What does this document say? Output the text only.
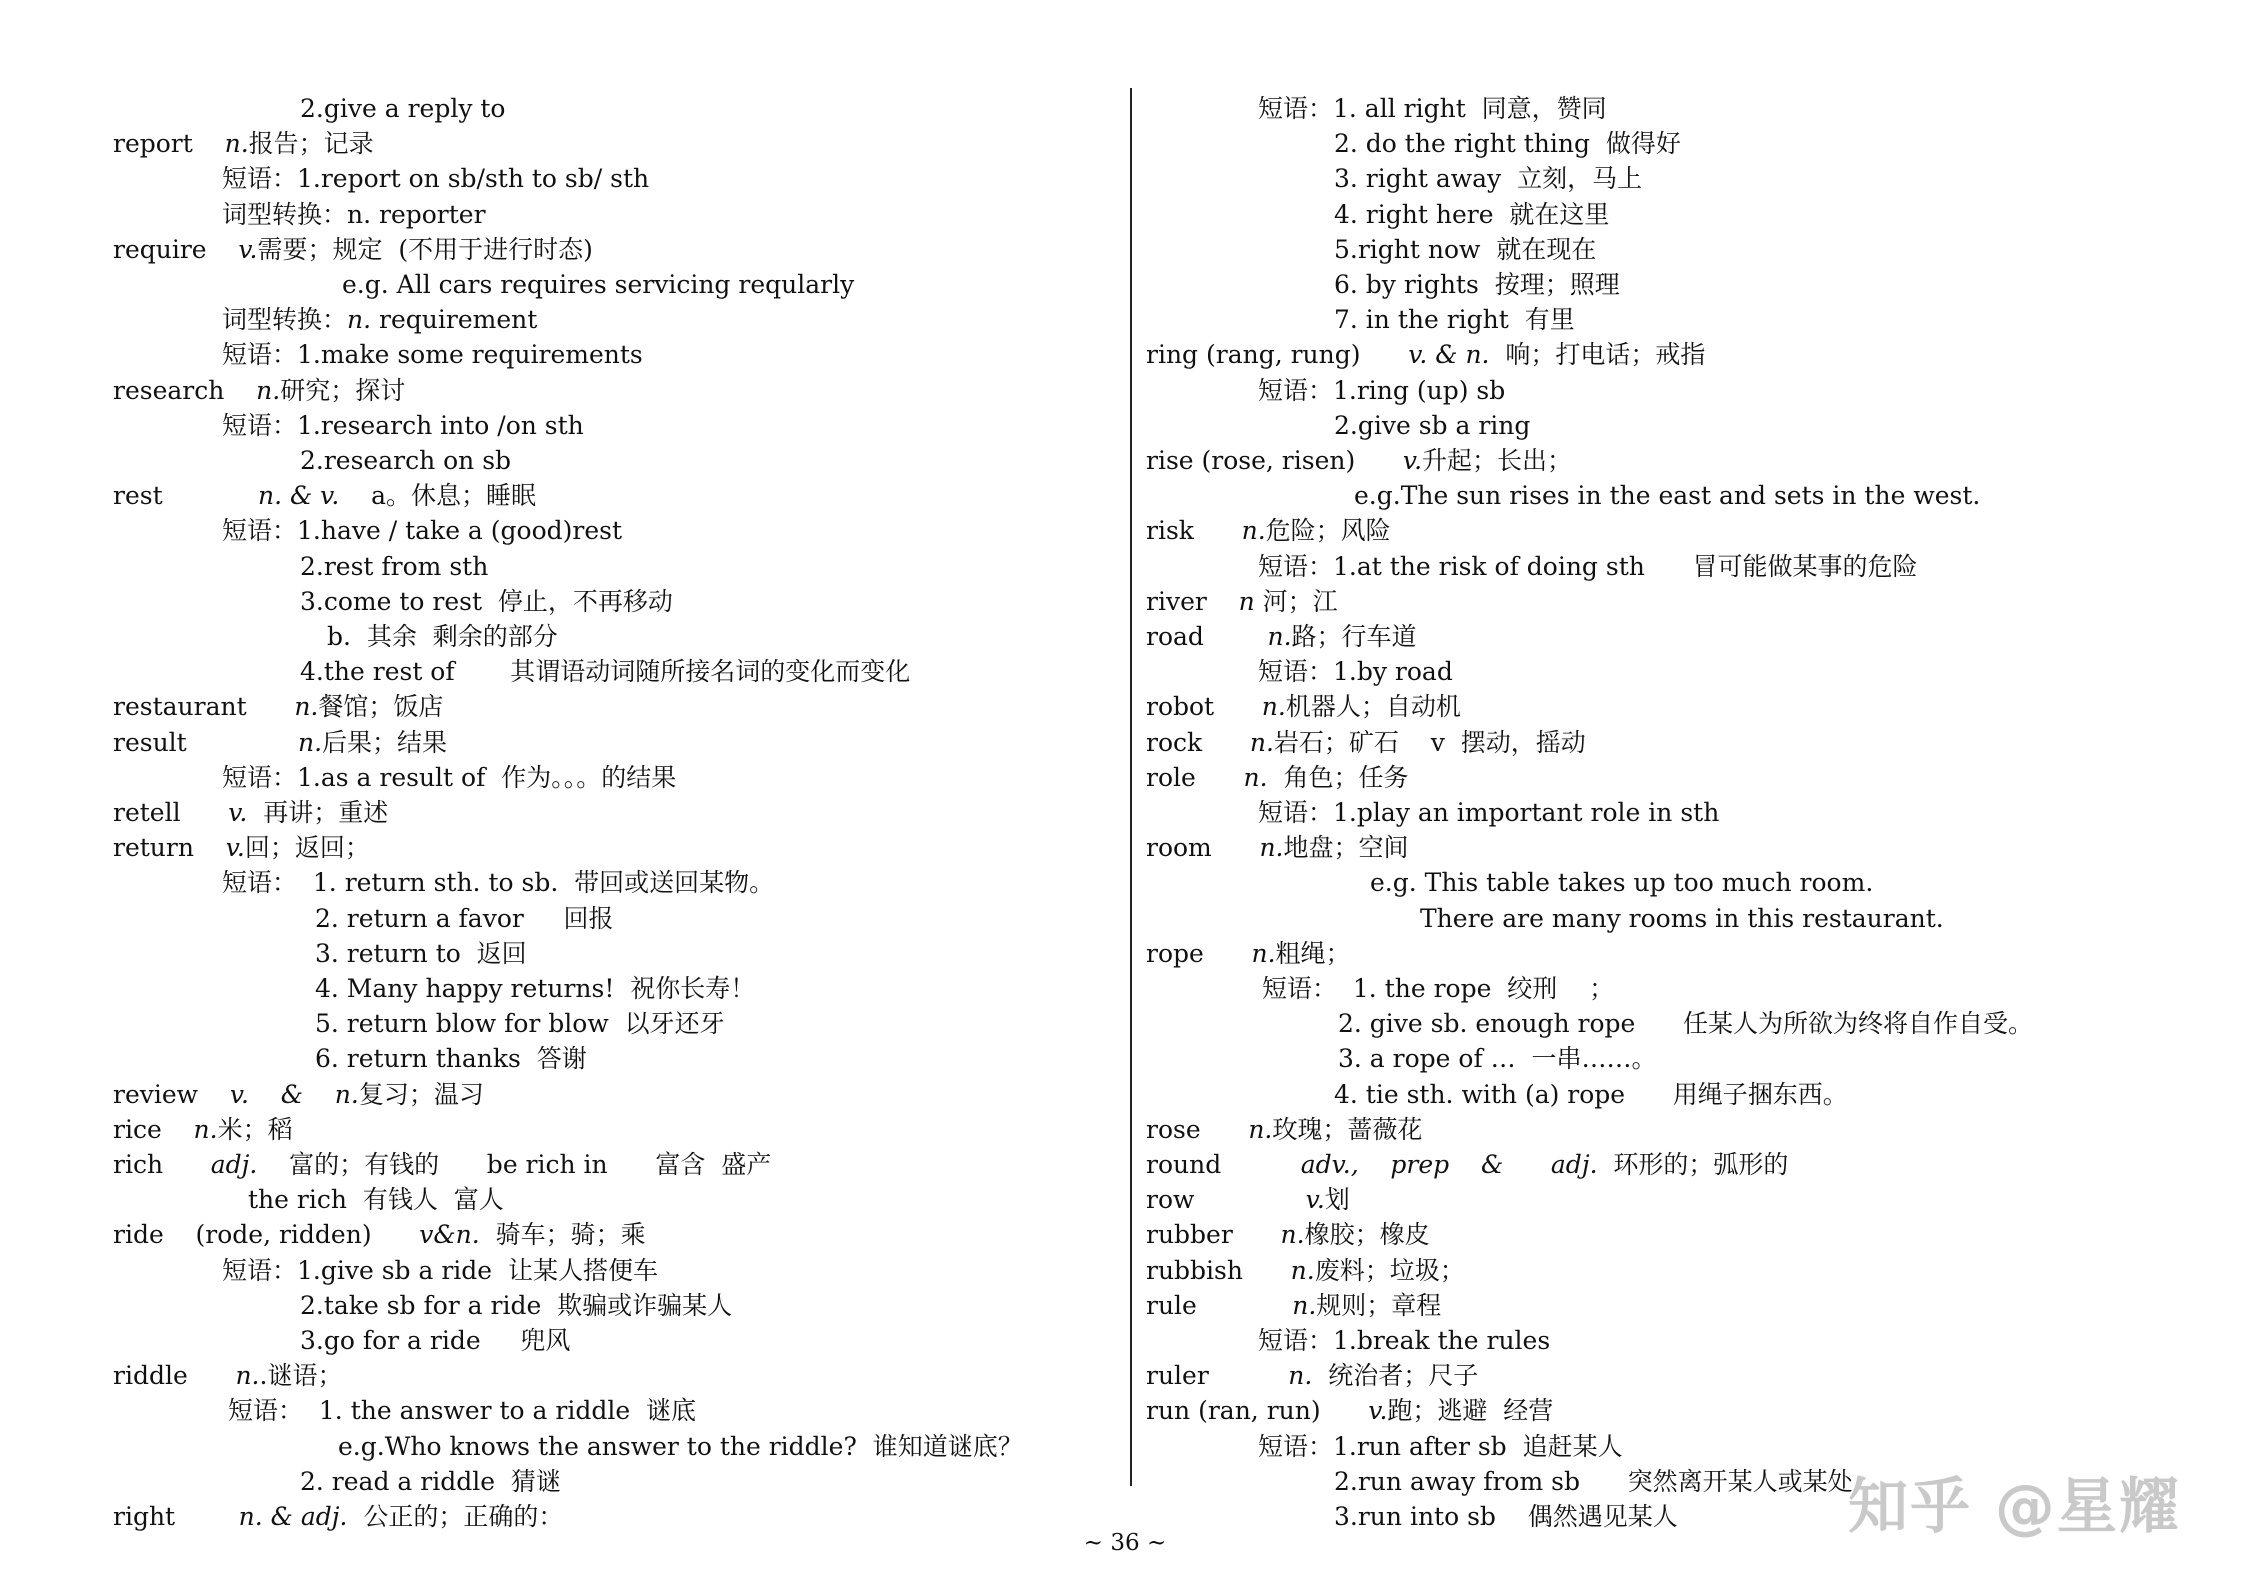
2.give a reply to
report    n.报告；记录
短语：1.report on sb/sth to sb/ sth
词型转换：n. reporter
require    v.需要；规定  (不用于进行时态)
e.g. All cars requires servicing reqularly
词型转换：n. requirement
短语：1.make some requirements
research    n.研究；探讨
短语：1.research into /on sth
2.research on sb
rest            n. & v.    a。休息；睡眠
短语：1.have / take a (good)rest
2.rest from sth
3.come to rest  停止，不再移动
b.  其余  剩余的部分
4.the rest of       其谓语动词随所接名词的变化而变化
restaurant      n.餐馆；饭店
result              n.后果；结果
短语：1.as a result of  作为。。。的结果
retell      v.  再讲；重述
return    v.回；返回；
短语：  1. return sth. to sb.  带回或送回某物。
2. return a favor     回报
3. return to  返回
4. Many happy returns!  祝你长寿！
5. return blow for blow  以牙还牙
6. return thanks  答谢
review    v.    &    n.复习；温习
rice    n.米；稻
rich      adj.    富的；有钱的      be rich in      富含  盛产
the rich  有钱人  富人
ride    (rode, ridden)      v&n.  骑车；骑；乘
短语：1.give sb a ride  让某人搭便车
2.take sb for a ride  欺骗或诈骗某人
3.go for a ride     兜风
riddle      n..谜语；
短语：  1. the answer to a riddle  谜底
e.g.Who knows the answer to the riddle?  谁知道谜底？
2. read a riddle  猜谜
right        n. & adj.  公正的；正确的：
短语：1. all right  同意，赞同
2. do the right thing  做得好
3. right away  立刻，马上
4. right here  就在这里
5.right now  就在现在
6. by rights  按理；照理
7. in the right  有里
ring (rang, rung)      v. & n.  响；打电话；戒指
短语：1.ring (up) sb
2.give sb a ring
rise (rose, risen)      v.升起；长出；
e.g.The sun rises in the east and sets in the west.
risk      n.危险；风险
短语：1.at the risk of doing sth      冒可能做某事的危险
river    n 河；江
road        n.路；行车道
短语：1.by road
robot      n.机器人；自动机
rock      n.岩石；矿石    v  摆动，摇动
role      n.  角色；任务
短语：1.play an important role in sth
room      n.地盘；空间
e.g. This table takes up too much room.
There are many rooms in this restaurant.
rope      n.粗绳；
短语：  1. the rope  绞刑    ；
2. give sb. enough rope      任某人为所欲为终将自作自受。
3. a rope of …  一串……。
4. tie sth. with (a) rope      用绳子捆东西。
rose      n.玫瑰；蔷薇花
round          adv.,    prep    &      adj.  环形的；弧形的
row              v.划
rubber      n.橡胶；橡皮
rubbish      n.废料；垃圾；
rule            n.规则；章程
短语：1.break the rules
ruler          n.  统治者；尺子
run (ran, run)      v.跑；逃避  经营
短语：1.run after sb  追赶某人
2.run away from sb      突然离开某人或某处
3.run into sb    偶然遇见某人
~ 36 ~
知乎 @星耀
